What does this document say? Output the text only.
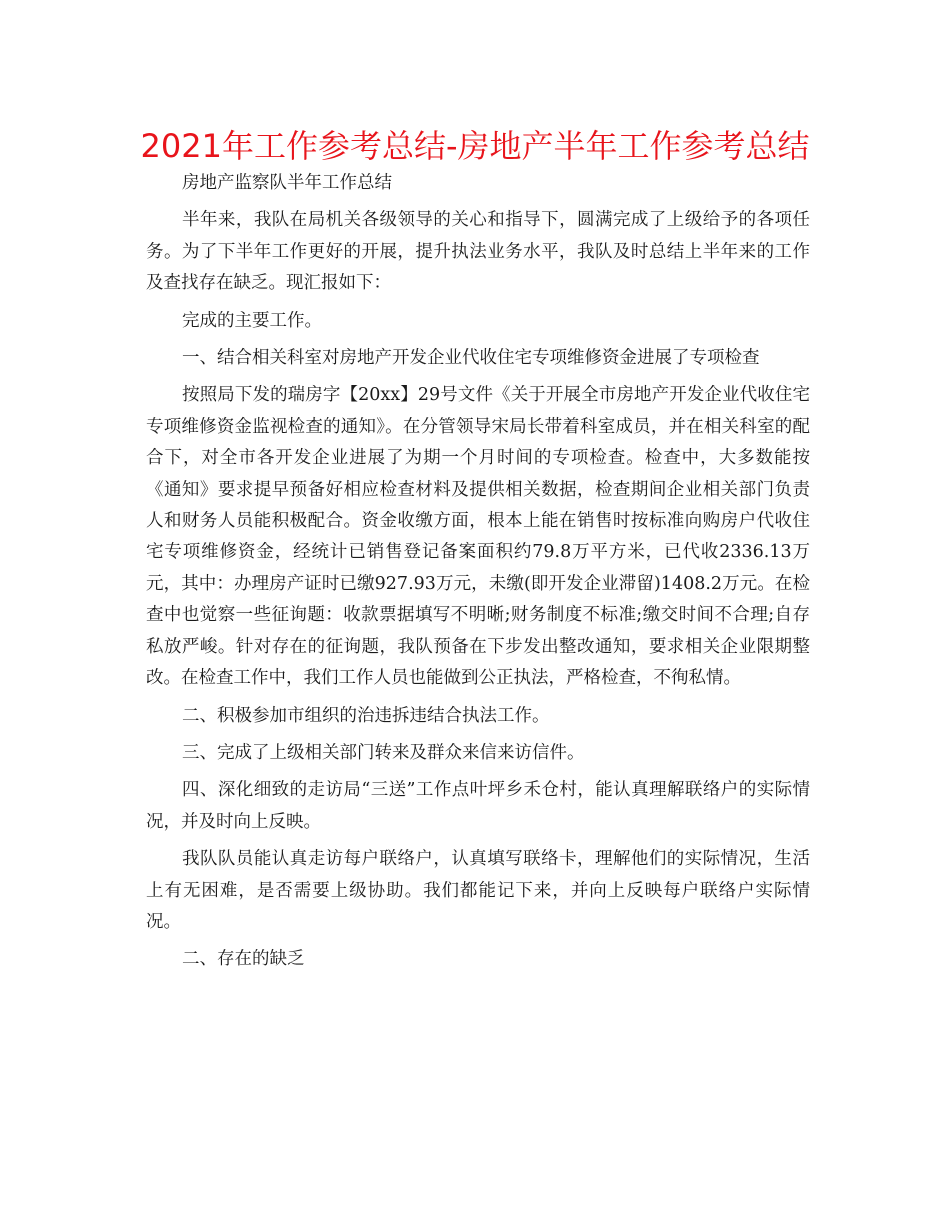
2021年工作参考总结-房地产半年工作参考总结

房地产监察队半年工作总结

半年来，我队在局机关各级领导的关心和指导下，圆满完成了上级给予的各项任务。为了下半年工作更好的开展，提升执法业务水平，我队及时总结上半年来的工作及查找存在缺乏。现汇报如下：

完成的主要工作。

一、结合相关科室对房地产开发企业代收住宅专项维修资金进展了专项检查

按照局下发的瑞房字【20xx】29号文件《关于开展全市房地产开发企业代收住宅专项维修资金监视检查的通知》。在分管领导宋局长带着科室成员，并在相关科室的配合下，对全市各开发企业进展了为期一个月时间的专项检查。检查中，大多数能按《通知》要求提早预备好相应检查材料及提供相关数据，检查期间企业相关部门负责人和财务人员能积极配合。资金收缴方面，根本上能在销售时按标准向购房户代收住宅专项维修资金，经统计已销售登记备案面积约79.8万平方米，已代收2336.13万元，其中：办理房产证时已缴927.93万元，未缴(即开发企业滞留)1408.2万元。在检查中也觉察一些征询题：收款票据填写不明晰;财务制度不标准;缴交时间不合理;自存私放严峻。针对存在的征询题，我队预备在下步发出整改通知，要求相关企业限期整改。在检查工作中，我们工作人员也能做到公正执法，严格检查，不徇私情。

二、积极参加市组织的治违拆违结合执法工作。

三、完成了上级相关部门转来及群众来信来访信件。

四、深化细致的走访局“三送”工作点叶坪乡禾仓村，能认真理解联络户的实际情况，并及时向上反映。

我队队员能认真走访每户联络户，认真填写联络卡，理解他们的实际情况，生活上有无困难，是否需要上级协助。我们都能记下来，并向上反映每户联络户实际情况。

二、存在的缺乏
